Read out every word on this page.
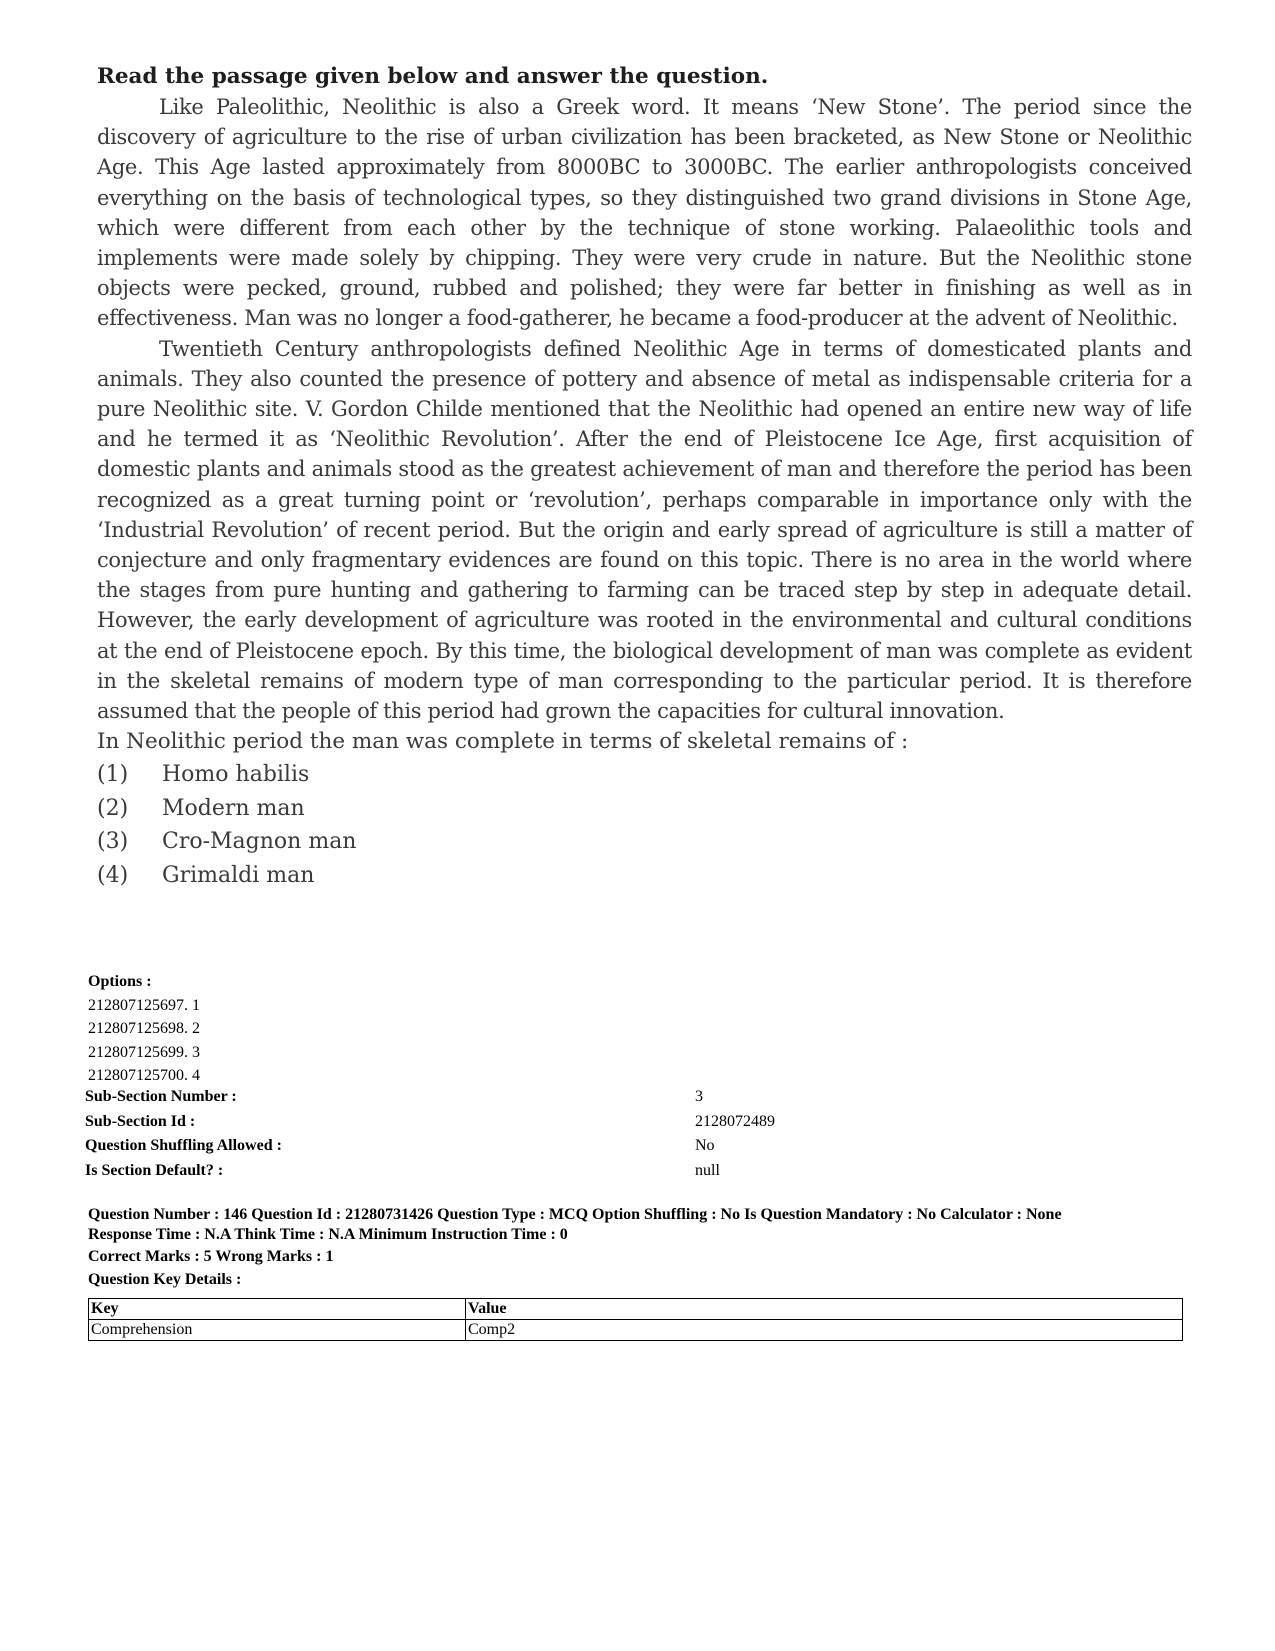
Read the passage given below and answer the question.

Like Paleolithic, Neolithic is also a Greek word. It means ‘New Stone’. The period since the discovery of agriculture to the rise of urban civilization has been bracketed, as New Stone or Neolithic Age. This Age lasted approximately from 8000BC to 3000BC. The earlier anthropologists conceived everything on the basis of technological types, so they distinguished two grand divisions in Stone Age, which were different from each other by the technique of stone working. Palaeolithic tools and implements were made solely by chipping. They were very crude in nature. But the Neolithic stone objects were pecked, ground, rubbed and polished; they were far better in finishing as well as in effectiveness. Man was no longer a food-gatherer, he became a food-producer at the advent of Neolithic.

Twentieth Century anthropologists defined Neolithic Age in terms of domesticated plants and animals. They also counted the presence of pottery and absence of metal as indispensable criteria for a pure Neolithic site. V. Gordon Childe mentioned that the Neolithic had opened an entire new way of life and he termed it as ‘Neolithic Revolution’. After the end of Pleistocene Ice Age, first acquisition of domestic plants and animals stood as the greatest achievement of man and therefore the period has been recognized as a great turning point or ‘revolution’, perhaps comparable in importance only with the ‘Industrial Revolution’ of recent period. But the origin and early spread of agriculture is still a matter of conjecture and only fragmentary evidences are found on this topic. There is no area in the world where the stages from pure hunting and gathering to farming can be traced step by step in adequate detail. However, the early development of agriculture was rooted in the environmental and cultural conditions at the end of Pleistocene epoch. By this time, the biological development of man was complete as evident in the skeletal remains of modern type of man corresponding to the particular period. It is therefore assumed that the people of this period had grown the capacities for cultural innovation.

In Neolithic period the man was complete in terms of skeletal remains of :
(1) Homo habilis
(2) Modern man
(3) Cro-Magnon man
(4) Grimaldi man
Options :
212807125697. 1
212807125698. 2
212807125699. 3
212807125700. 4
Sub-Section Number :	3
Sub-Section Id :	2128072489
Question Shuffling Allowed :	No
Is Section Default? :	null
Question Number : 146 Question Id : 21280731426 Question Type : MCQ Option Shuffling : No Is Question Mandatory : No Calculator : None
Response Time : N.A Think Time : N.A Minimum Instruction Time : 0
Correct Marks : 5 Wrong Marks : 1
Question Key Details :
Key	Value
Comprehension	Comp2
